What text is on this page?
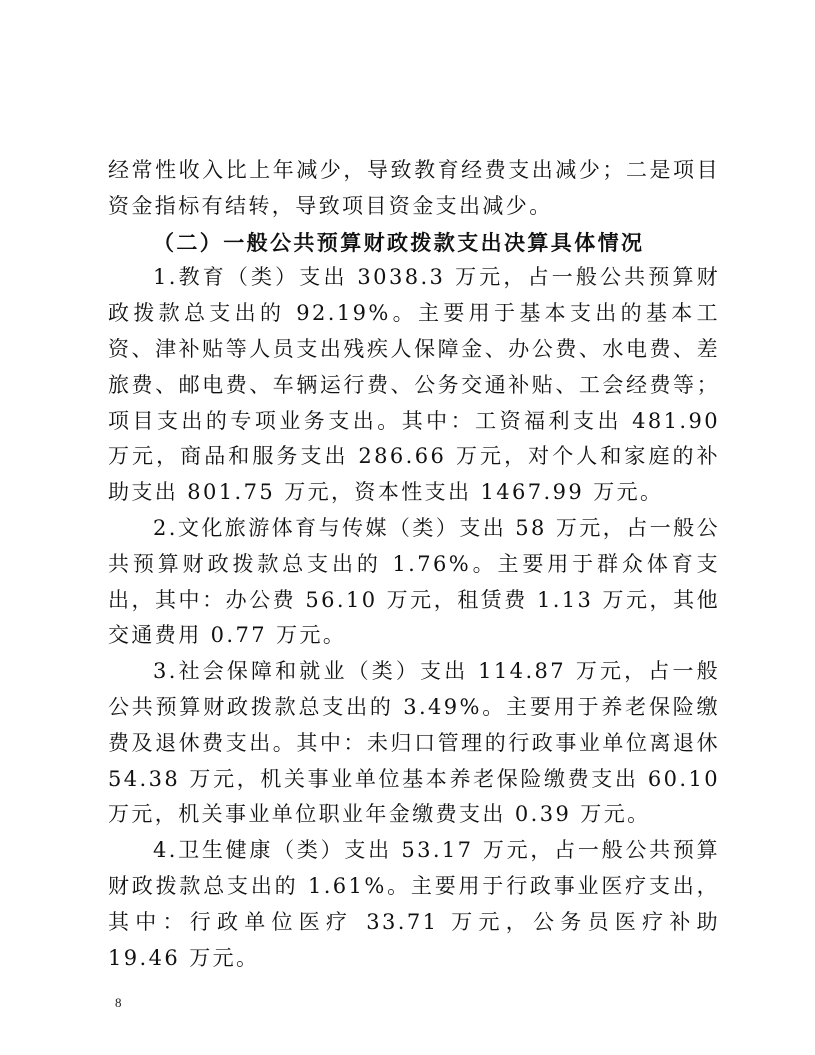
经常性收入比上年减少，导致教育经费支出减少；二是项目资金指标有结转，导致项目资金支出减少。

（二）一般公共预算财政拨款支出决算具体情况

1.教育（类）支出 3038.3 万元，占一般公共预算财政拨款总支出的 92.19%。主要用于基本支出的基本工资、津补贴等人员支出残疾人保障金、办公费、水电费、差旅费、邮电费、车辆运行费、公务交通补贴、工会经费等；项目支出的专项业务支出。其中：工资福利支出 481.90 万元，商品和服务支出 286.66 万元，对个人和家庭的补助支出 801.75 万元，资本性支出 1467.99 万元。

2.文化旅游体育与传媒（类）支出 58 万元，占一般公共预算财政拨款总支出的 1.76%。主要用于群众体育支出，其中：办公费 56.10 万元，租赁费 1.13 万元，其他交通费用 0.77 万元。

3.社会保障和就业（类）支出 114.87 万元，占一般公共预算财政拨款总支出的 3.49%。主要用于养老保险缴费及退休费支出。其中：未归口管理的行政事业单位离退休 54.38 万元，机关事业单位基本养老保险缴费支出 60.10 万元，机关事业单位职业年金缴费支出 0.39 万元。

4.卫生健康（类）支出 53.17 万元，占一般公共预算财政拨款总支出的 1.61%。主要用于行政事业医疗支出，其中：行政单位医疗 33.71 万元，公务员医疗补助 19.46 万元。

8
